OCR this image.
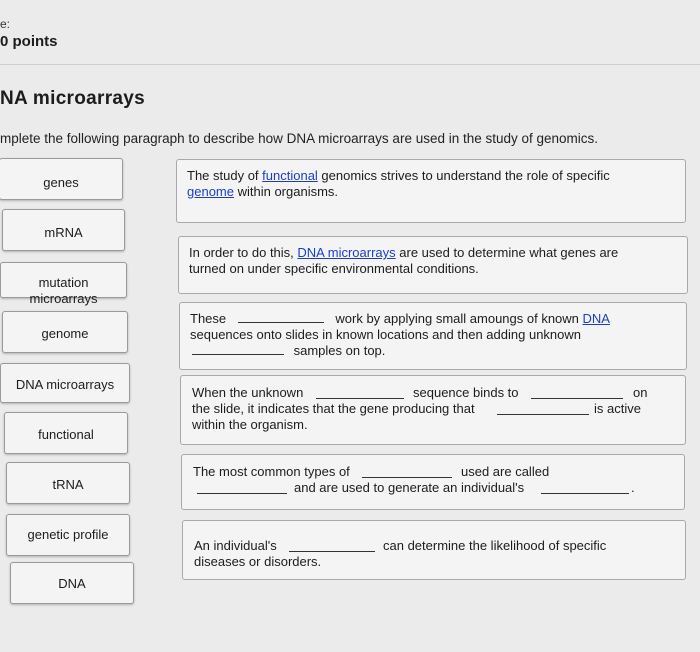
e:
0 points
NA microarrays
mplete the following paragraph to describe how DNA microarrays are used in the study of genomics.
genes
mRNA
mutation
microarrays
genome
DNA microarrays
functional
tRNA
genetic profile
DNA
The study of functional genomics strives to understand the role of specific
genome within organisms.
In order to do this, DNA microarrays are used to determine what genes are
turned on under specific environmental conditions.
These	work by applying small amoungs of known DNA
sequences onto slides in known locations and then adding unknown
samples on top.
When the unknown	sequence binds to	on
the slide, it indicates that the gene producing that	is active
within the organism.
The most common types of	used are called
and are used to generate an individual's	.
An individual's	can determine the likelihood of specific
diseases or disorders.
